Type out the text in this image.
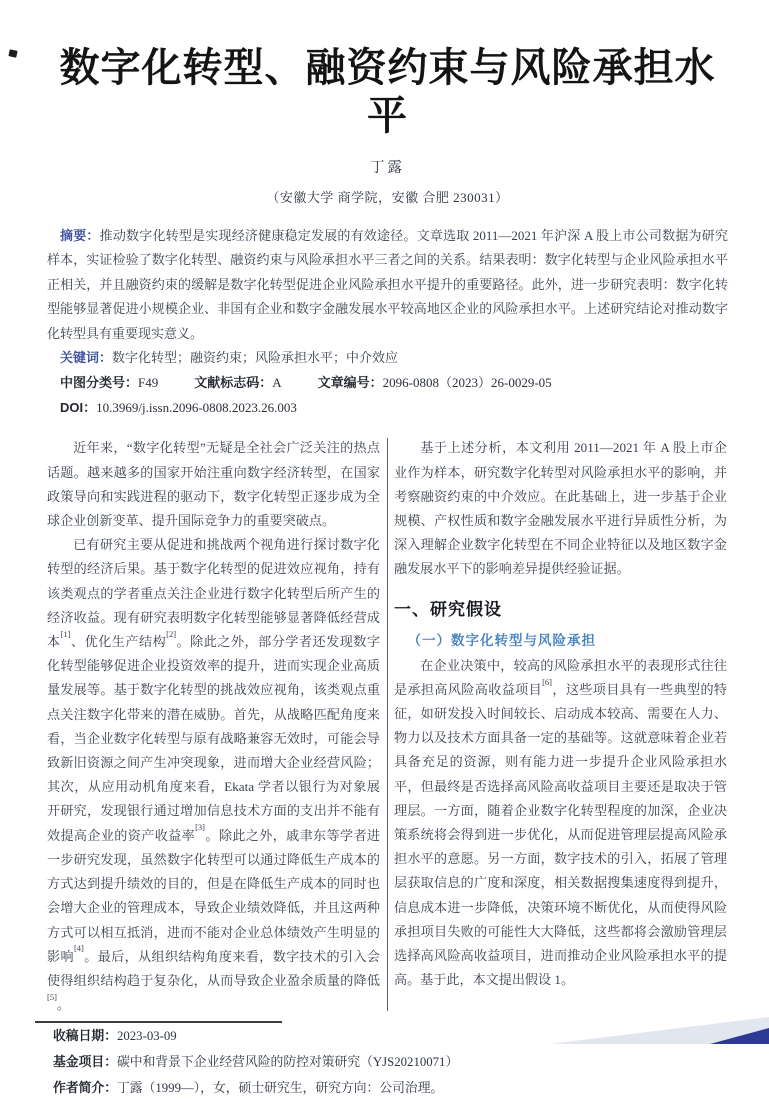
数字化转型、融资约束与风险承担水平
丁露
（安徽大学 商学院，安徽 合肥 230031）

摘要：推动数字化转型是实现经济健康稳定发展的有效途径。文章选取 2011—2021 年沪深 A 股上市公司数据为研究样本，实证检验了数字化转型、融资约束与风险承担水平三者之间的关系。结果表明：数字化转型与企业风险承担水平正相关，并且融资约束的缓解是数字化转型促进企业风险承担水平提升的重要路径。此外，进一步研究表明：数字化转型能够显著促进小规模企业、非国有企业和数字金融发展水平较高地区企业的风险承担水平。上述研究结论对推动数字化转型具有重要现实意义。

关键词：数字化转型；融资约束；风险承担水平；中介效应

中图分类号：F49	文献标志码：A	文章编号：2096-0808（2023）26-0029-05

DOI：10.3969/j.issn.2096-0808.2023.26.003

近年来，“数字化转型”无疑是全社会广泛关注的热点话题。越来越多的国家开始注重向数字经济转型，在国家政策导向和实践进程的驱动下，数字化转型正逐步成为全球企业创新变革、提升国际竞争力的重要突破点。

已有研究主要从促进和挑战两个视角进行探讨数字化转型的经济后果。基于数字化转型的促进效应视角，持有该类观点的学者重点关注企业进行数字化转型后所产生的经济收益。现有研究表明数字化转型能够显著降低经营成本[1]、优化生产结构[2]。除此之外，部分学者还发现数字化转型能够促进企业投资效率的提升，进而实现企业高质量发展等。基于数字化转型的挑战效应视角，该类观点重点关注数字化带来的潜在威胁。首先，从战略匹配角度来看，当企业数字化转型与原有战略兼容无效时，可能会导致新旧资源之间产生冲突现象，进而增大企业经营风险；其次，从应用动机角度来看，Ekata 学者以银行为对象展开研究，发现银行通过增加信息技术方面的支出并不能有效提高企业的资产收益率[3]。除此之外，戚聿东等学者进一步研究发现，虽然数字化转型可以通过降低生产成本的方式达到提升绩效的目的，但是在降低生产成本的同时也会增大企业的管理成本，导致企业绩效降低，并且这两种方式可以相互抵消，进而不能对企业总体绩效产生明显的影响[4]。最后，从组织结构角度来看，数字技术的引入会使得组织结构趋于复杂化，从而导致企业盈余质量的降低[5]。

基于上述分析，本文利用 2011—2021 年 A 股上市企业作为样本，研究数字化转型对风险承担水平的影响，并考察融资约束的中介效应。在此基础上，进一步基于企业规模、产权性质和数字金融发展水平进行异质性分析，为深入理解企业数字化转型在不同企业特征以及地区数字金融发展水平下的影响差异提供经验证据。

一、研究假设
（一）数字化转型与风险承担

在企业决策中，较高的风险承担水平的表现形式往往是承担高风险高收益项目[6]，这些项目具有一些典型的特征，如研发投入时间较长、启动成本较高、需要在人力、物力以及技术方面具备一定的基础等。这就意味着企业若具备充足的资源，则有能力进一步提升企业风险承担水平，但最终是否选择高风险高收益项目主要还是取决于管理层。一方面，随着企业数字化转型程度的加深，企业决策系统将会得到进一步优化，从而促进管理层提高风险承担水平的意愿。另一方面，数字技术的引入，拓展了管理层获取信息的广度和深度，相关数据搜集速度得到提升，信息成本进一步降低，决策环境不断优化，从而使得风险承担项目失败的可能性大大降低，这些都将会激励管理层选择高风险高收益项目，进而推动企业风险承担水平的提高。基于此，本文提出假设 1。

收稿日期：2023-03-09

基金项目：碳中和背景下企业经营风险的防控对策研究（YJS20210071）

作者简介：丁露（1999—），女，硕士研究生，研究方向：公司治理。
